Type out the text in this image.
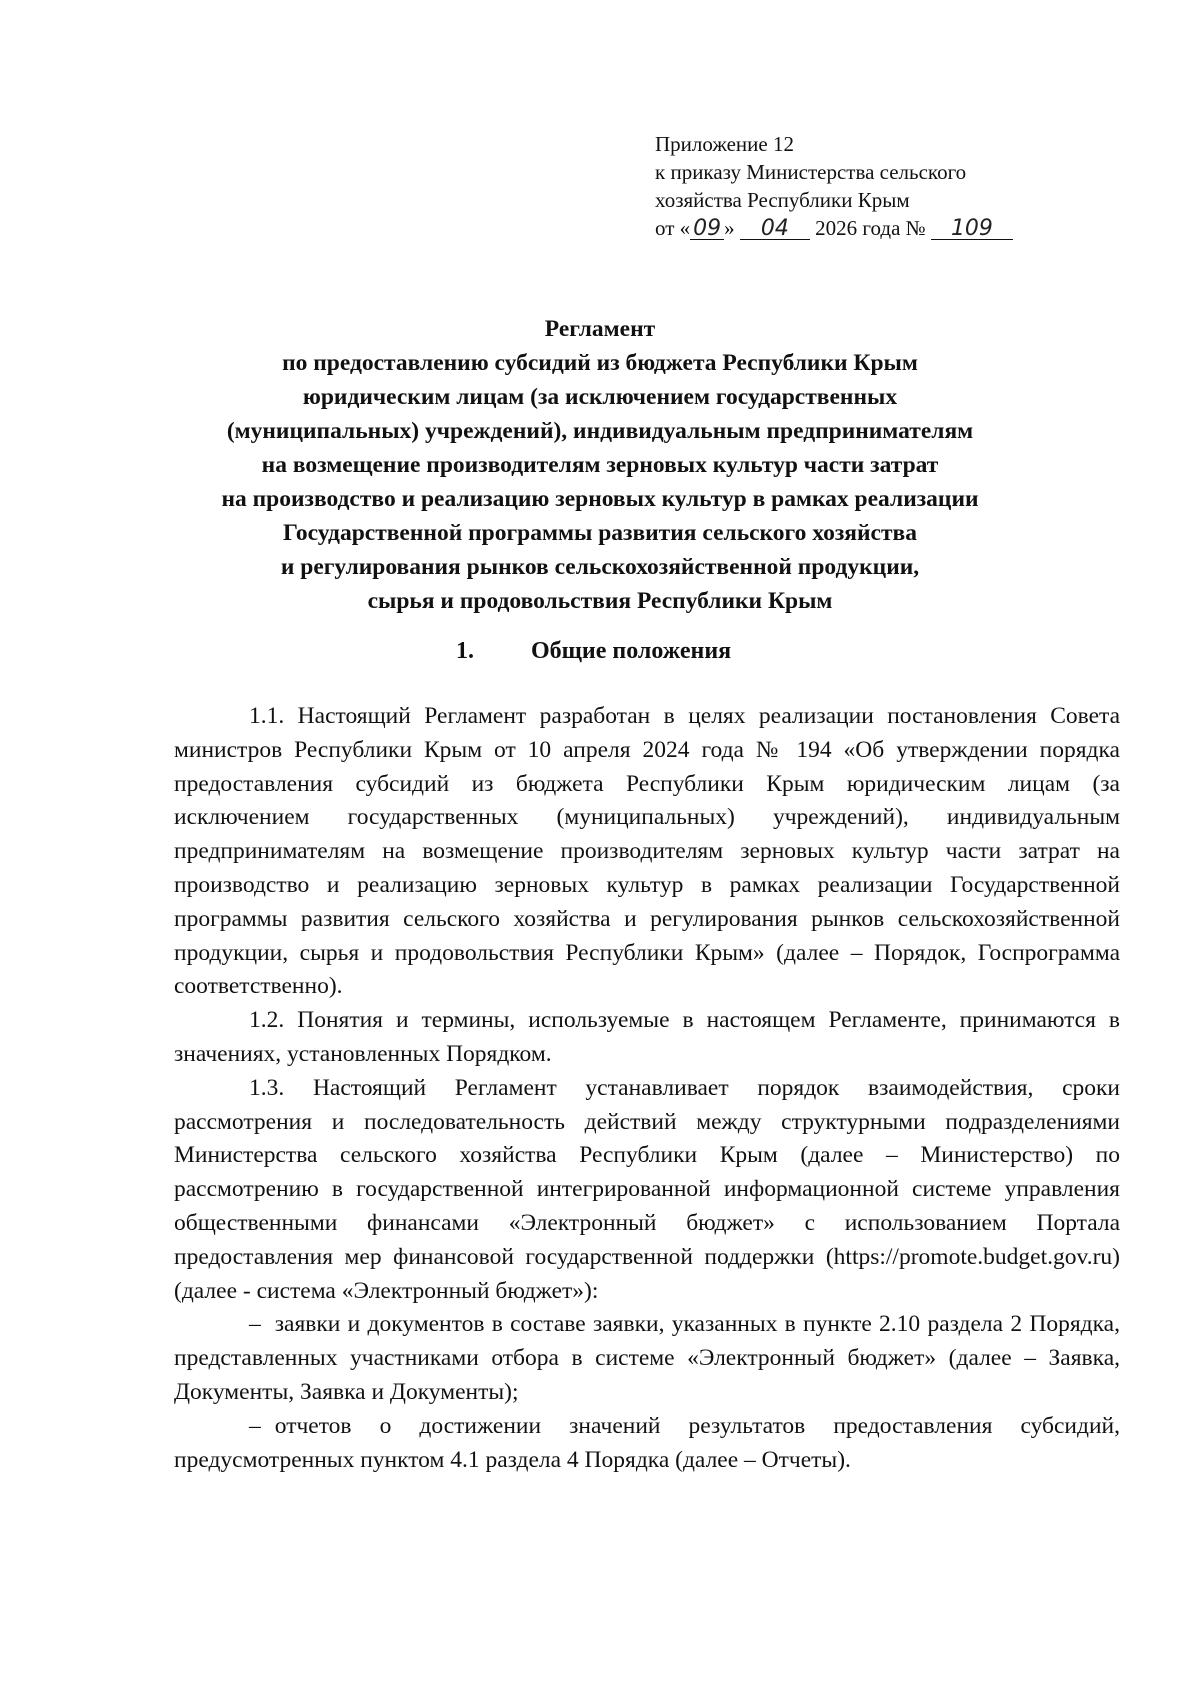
Приложение 12
к приказу Министерства сельского
хозяйства Республики Крым
от « 09 » 04 2026 года № 109
Регламент
по предоставлению субсидий из бюджета Республики Крым
юридическим лицам (за исключением государственных
(муниципальных) учреждений), индивидуальным предпринимателям
на возмещение производителям зерновых культур части затрат
на производство и реализацию зерновых культур в рамках реализации
Государственной программы развития сельского хозяйства
и регулирования рынков сельскохозяйственной продукции,
сырья и продовольствия Республики Крым
1. Общие положения

1.1. Настоящий Регламент разработан в целях реализации постановления Совета министров Республики Крым от 10 апреля 2024 года № 194 «Об утверждении порядка предоставления субсидий из бюджета Республики Крым юридическим лицам (за исключением государственных (муниципальных) учреждений), индивидуальным предпринимателям на возмещение производителям зерновых культур части затрат на производство и реализацию зерновых культур в рамках реализации Государственной программы развития сельского хозяйства и регулирования рынков сельскохозяйственной продукции, сырья и продовольствия Республики Крым» (далее – Порядок, Госпрограмма соответственно).

1.2. Понятия и термины, используемые в настоящем Регламенте, принимаются в значениях, установленных Порядком.

1.3. Настоящий Регламент устанавливает порядок взаимодействия, сроки рассмотрения и последовательность действий между структурными подразделениями Министерства сельского хозяйства Республики Крым (далее – Министерство) по рассмотрению в государственной интегрированной информационной системе управления общественными финансами «Электронный бюджет» с использованием Портала предоставления мер финансовой государственной поддержки (https://promote.budget.gov.ru) (далее - система «Электронный бюджет»):

– заявки и документов в составе заявки, указанных в пункте 2.10 раздела 2 Порядка, представленных участниками отбора в системе «Электронный бюджет» (далее – Заявка, Документы, Заявка и Документы);

– отчетов о достижении значений результатов предоставления субсидий, предусмотренных пунктом 4.1 раздела 4 Порядка (далее – Отчеты).
